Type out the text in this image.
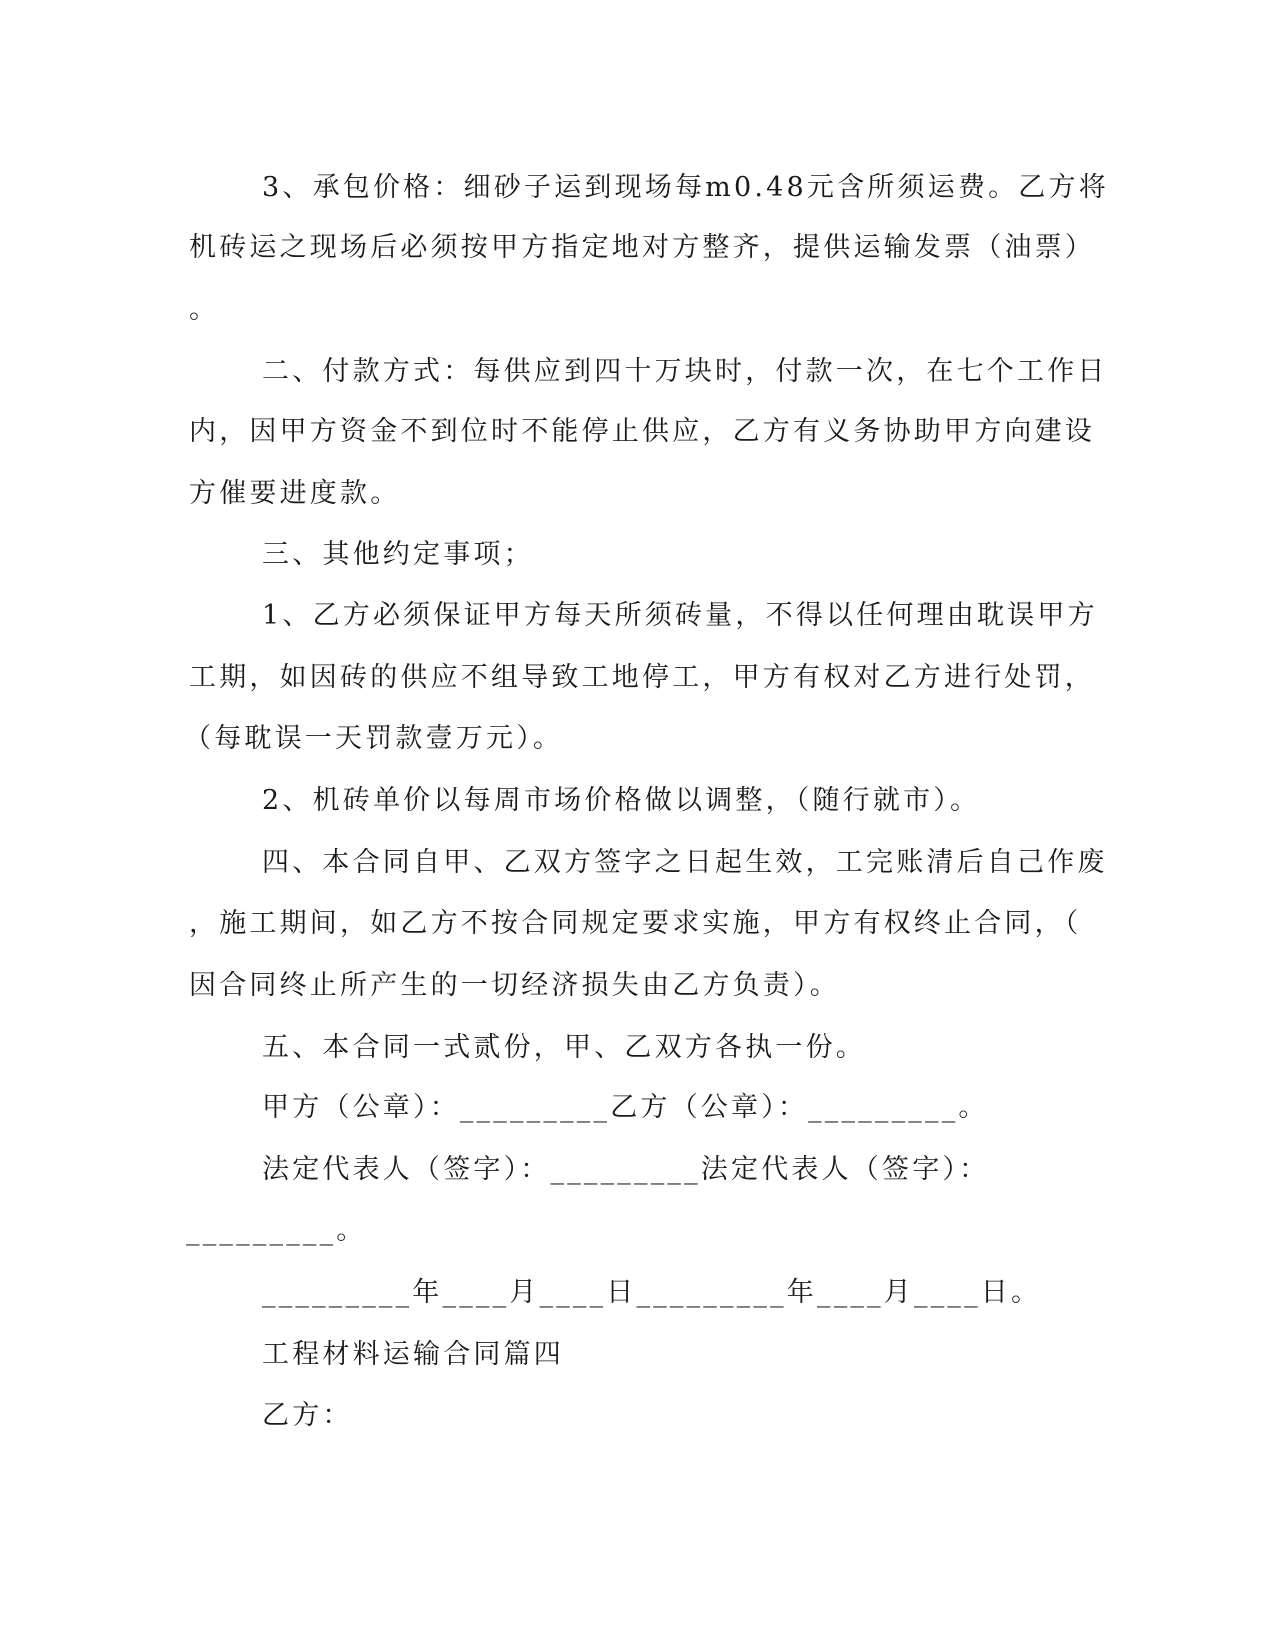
3、承包价格：细砂子运到现场每m0.48元含所须运费。乙方将
机砖运之现场后必须按甲方指定地对方整齐，提供运输发票（油票）
。
二、付款方式：每供应到四十万块时，付款一次，在七个工作日
内，因甲方资金不到位时不能停止供应，乙方有义务协助甲方向建设
方催要进度款。
三、其他约定事项；
1、乙方必须保证甲方每天所须砖量，不得以任何理由耽误甲方
工期，如因砖的供应不组导致工地停工，甲方有权对乙方进行处罚，
（每耽误一天罚款壹万元）。
2、机砖单价以每周市场价格做以调整，（随行就市）。
四、本合同自甲、乙双方签字之日起生效，工完账清后自己作废
，施工期间，如乙方不按合同规定要求实施，甲方有权终止合同，（
因合同终止所产生的一切经济损失由乙方负责）。
五、本合同一式贰份，甲、乙双方各执一份。
甲方（公章）：_________乙方（公章）：_________。
法定代表人（签字）：_________法定代表人（签字）：
_________。
_________年____月____日_________年____月____日。
工程材料运输合同篇四
乙方：
